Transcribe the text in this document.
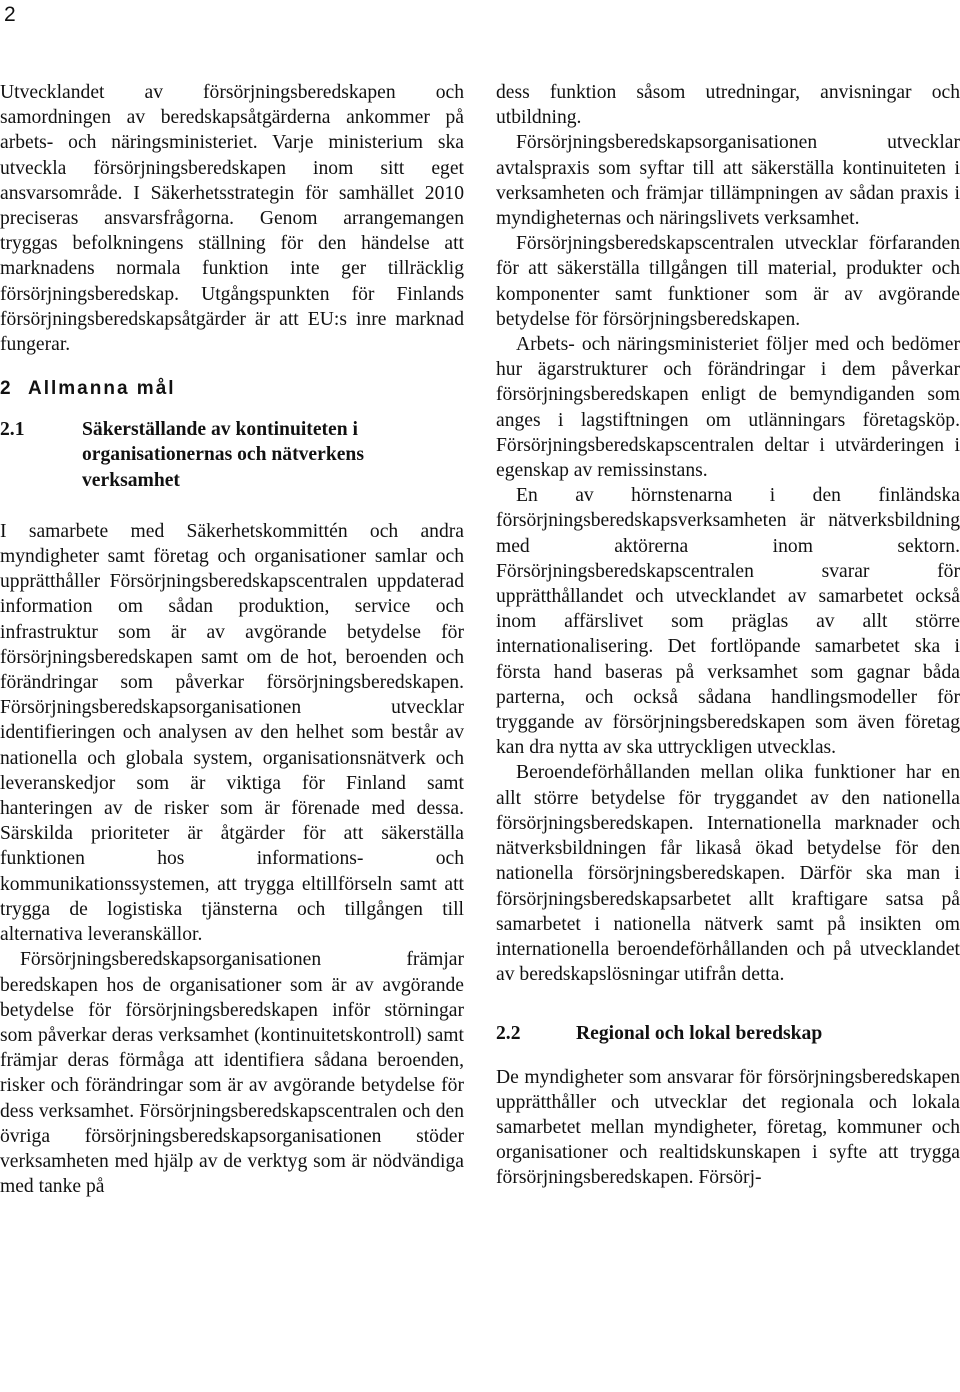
2

Utvecklandet av försörjningsberedskapen och samordningen av beredskapsåtgärderna ankommer på arbets- och näringsministeriet. Varje ministerium ska utveckla försörjningsberedskapen inom sitt eget ansvarsområde. I Säkerhetsstrategin för samhället 2010 preciseras ansvarsfrågorna. Genom arrangemangen tryggas befolkningens ställning för den händelse att marknadens normala funktion inte ger tillräcklig försörjningsberedskap. Utgångspunkten för Finlands försörjningsberedskapsåtgärder är att EU:s inre marknad fungerar.

2 Allmanna mål
2.1	Säkerställande av kontinuiteten i organisationernas och nätverkens verksamhet

I samarbete med Säkerhetskommittén och andra myndigheter samt företag och organisationer samlar och upprätthåller Försörjningsberedskapscentralen uppdaterad information om sådan produktion, service och infrastruktur som är av avgörande betydelse för försörjningsberedskapen samt om de hot, beroenden och förändringar som påverkar försörjningsberedskapen. Försörjningsberedskapsorganisationen utvecklar identifieringen och analysen av den helhet som består av nationella och globala system, organisationsnätverk och leveranskedjor som är viktiga för Finland samt hanteringen av de risker som är förenade med dessa. Särskilda prioriteter är åtgärder för att säkerställa funktionen hos informations- och kommunikationssystemen, att trygga eltillförseln samt att trygga de logistiska tjänsterna och tillgången till alternativa leveranskällor.

Försörjningsberedskapsorganisationen främjar beredskapen hos de organisationer som är av avgörande betydelse för försörjningsberedskapen inför störningar som påverkar deras verksamhet (kontinuitetskontroll) samt främjar deras förmåga att identifiera sådana beroenden, risker och förändringar som är av avgörande betydelse för dess verksamhet. Försörjningsberedskapscentralen och den övriga försörjningsberedskapsorganisationen stöder verksamheten med hjälp av de verktyg som är nödvändiga med tanke på

dess funktion såsom utredningar, anvisningar och utbildning.

Försörjningsberedskapsorganisationen utvecklar avtalspraxis som syftar till att säkerställa kontinuiteten i verksamheten och främjar tillämpningen av sådan praxis i myndigheternas och näringslivets verksamhet.

Försörjningsberedskapscentralen utvecklar förfaranden för att säkerställa tillgången till material, produkter och komponenter samt funktioner som är av avgörande betydelse för försörjningsberedskapen.

Arbets- och näringsministeriet följer med och bedömer hur ägarstrukturer och förändringar i dem påverkar försörjningsberedskapen enligt de bemyndiganden som anges i lagstiftningen om utlänningars företagsköp. Försörjningsberedskapscentralen deltar i utvärderingen i egenskap av remissinstans.

En av hörnstenarna i den finländska försörjningsberedskapsverksamheten är nätverksbildning med aktörerna inom sektorn. Försörjningsberedskapscentralen svarar för upprätthållandet och utvecklandet av samarbetet också inom affärslivet som präglas av allt större internationalisering. Det fortlöpande samarbetet ska i första hand baseras på verksamhet som gagnar båda parterna, och också sådana handlingsmodeller för tryggande av försörjningsberedskapen som även företag kan dra nytta av ska uttryckligen utvecklas.

Beroendeförhållanden mellan olika funktioner har en allt större betydelse för tryggandet av den nationella försörjningsberedskapen. Internationella marknader och nätverksbildningen får likaså ökad betydelse för den nationella försörjningsberedskapen. Därför ska man i försörjningsberedskapsarbetet allt kraftigare satsa på samarbetet i nationella nätverk samt på insikten om internationella beroendeförhållanden och på utvecklandet av beredskapslösningar utifrån detta.

2.2	Regional och lokal beredskap

De myndigheter som ansvarar för försörjningsberedskapen upprätthåller och utvecklar det regionala och lokala samarbetet mellan myndigheter, företag, kommuner och organisationer och realtidskunskapen i syfte att trygga försörjningsberedskapen. Försörj-
